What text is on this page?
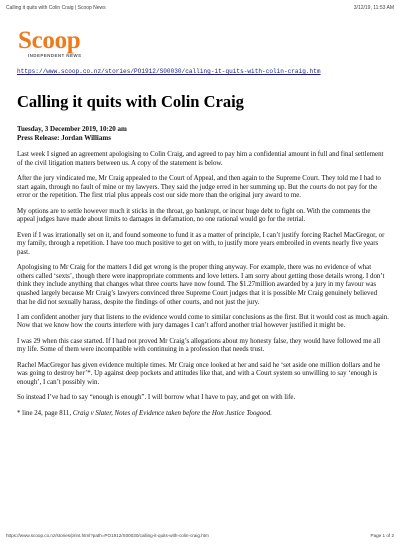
Calling it quits with Colin Craig | Scoop News	3/12/19, 11:53 AM
Scoop
INDEPENDENT NEWS
https://www.scoop.co.nz/stories/PO1912/S00030/calling-it-quits-with-colin-craig.htm
Calling it quits with Colin Craig
Tuesday, 3 December 2019, 10:20 am
Press Release: Jordan Williams

Last week I signed an agreement apologising to Colin Craig, and agreed to pay him a confidential amount in full and final settlement of the civil litigation matters between us. A copy of the statement is below.

After the jury vindicated me, Mr Craig appealed to the Court of Appeal, and then again to the Supreme Court. They told me I had to start again, through no fault of mine or my lawyers. They said the judge erred in her summing up. But the courts do not pay for the error or the repetition. The first trial plus appeals cost our side more than the original jury award to me.

My options are to settle however much it sticks in the throat, go bankrupt, or incur huge debt to fight on. With the comments the appeal judges have made about limits to damages in defamation, no one rational would go for the retrial.

Even if I was irrationally set on it, and found someone to fund it as a matter of principle, I can’t justify forcing Rachel MacGregor, or my family, through a repetition. I have too much positive to get on with, to justify more years embroiled in events nearly five years past.

Apologising to Mr Craig for the matters I did get wrong is the proper thing anyway. For example, there was no evidence of what others called ‘sexts’, though there were inappropriate comments and love letters. I am sorry about getting those details wrong. I don’t think they include anything that changes what three courts have now found. The $1.27million awarded by a jury in my favour was quashed largely because Mr Craig’s lawyers convinced three Supreme Court judges that it is possible Mr Craig genuinely believed that he did not sexually harass, despite the findings of other courts, and not just the jury.

I am confident another jury that listens to the evidence would come to similar conclusions as the first. But it would cost as much again. Now that we know how the courts interfere with jury damages I can’t afford another trial however justified it might be.

I was 29 when this case started. If I had not proved Mr Craig’s allegations about my honesty false, they would have followed me all my life. Some of them were incompatible with continuing in a profession that needs trust.

Rachel MacGregor has given evidence multiple times. Mr Craig once looked at her and said he ‘set aside one million dollars and he was going to destroy her’*. Up against deep pockets and attitudes like that, and with a Court system so unwilling to say ‘enough is enough’, I can’t possibly win.

So instead I’ve had to say “enough is enough”. I will borrow what I have to pay, and get on with life.

* line 24, page 811, Craig v Slater, Notes of Evidence taken before the Hon Justice Toogood.

https://www.scoop.co.nz/stories/print.html?path=PO1912/S00030/calling-it-quits-with-colin-craig.htm	Page 1 of 2
